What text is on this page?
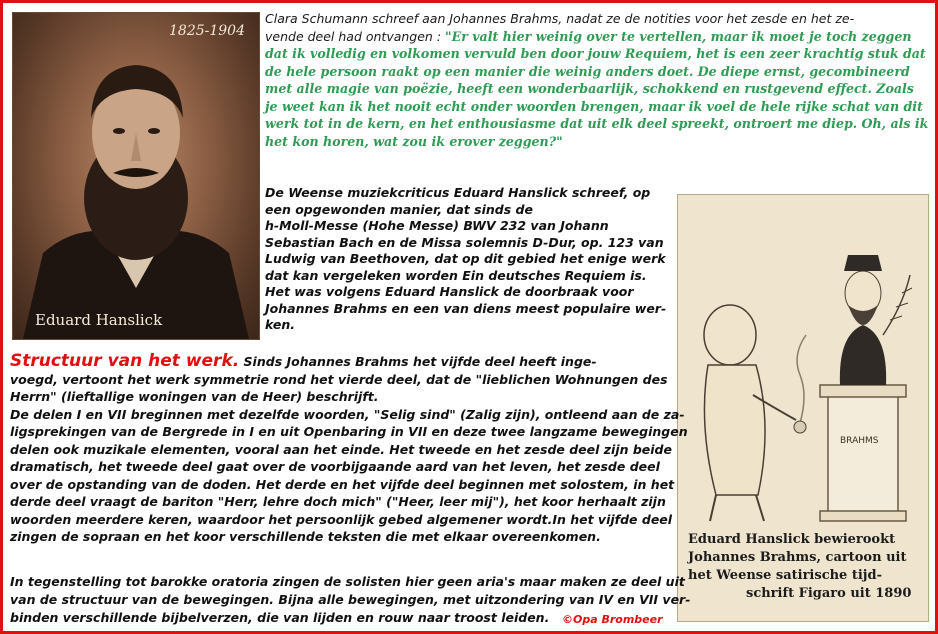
1825-1904
Eduard Hanslick
Clara Schumann schreef aan Johannes Brahms, nadat ze de notities voor het zesde en het ze-
vende deel had ontvangen : "Er valt hier weinig over te vertellen, maar ik moet je toch zeggen
dat ik volledig en volkomen vervuld ben door jouw Requiem, het is een zeer krachtig stuk dat
de hele persoon raakt op een manier die weinig anders doet. De diepe ernst, gecombineerd
met alle magie van poëzie, heeft een wonderbaarlijk, schokkend en rustgevend effect. Zoals
je weet kan ik het nooit echt onder woorden brengen, maar ik voel de hele rijke schat van dit
werk tot in de kern, en het enthousiasme dat uit elk deel spreekt, ontroert me diep. Oh, als ik
het kon horen, wat zou ik erover zeggen?"
De Weense muziekcriticus Eduard Hanslick schreef, op
een opgewonden manier, dat sinds de
h-Moll-Messe (Hohe Messe) BWV 232 van Johann
Sebastian Bach en de Missa solemnis D-Dur, op. 123 van
Ludwig van Beethoven, dat op dit gebied het enige werk
dat kan vergeleken worden Ein deutsches Requiem is.
Het was volgens Eduard Hanslick de doorbraak voor
Johannes Brahms en een van diens meest populaire wer-
ken.
BRAHMS
Eduard Hanslick bewierookt
Johannes Brahms, cartoon uit
het Weense satirische tijd-
schrift Figaro uit 1890
Structuur van het werk. Sinds Johannes Brahms het vijfde deel heeft inge-
voegd, vertoont het werk symmetrie rond het vierde deel, dat de "lieblichen Wohnungen des
Herrn" (lieftallige woningen van de Heer) beschrijft.
De delen I en VII breginnen met dezelfde woorden, "Selig sind" (Zalig zijn), ontleend aan de za-
ligsprekingen van de Bergrede in I en uit Openbaring in VII en deze twee langzame bewegingen
delen ook muzikale elementen, vooral aan het einde. Het tweede en het zesde deel zijn beide
dramatisch, het tweede deel gaat over de voorbijgaande aard van het leven, het zesde deel
over de opstanding van de doden. Het derde en het vijfde deel beginnen met solostem, in het
derde deel vraagt de bariton "Herr, lehre doch mich" ("Heer, leer mij"), het koor herhaalt zijn
woorden meerdere keren, waardoor het persoonlijk gebed algemener wordt.In het vijfde deel
zingen de sopraan en het koor verschillende teksten die met elkaar overeenkomen.
In tegenstelling tot barokke oratoria zingen de solisten hier geen aria's maar maken ze deel uit
van de structuur van de bewegingen. Bijna alle bewegingen, met uitzondering van IV en VII ver-
binden verschillende bijbelverzen, die van lijden en rouw naar troost leiden.	©Opa Brombeer
